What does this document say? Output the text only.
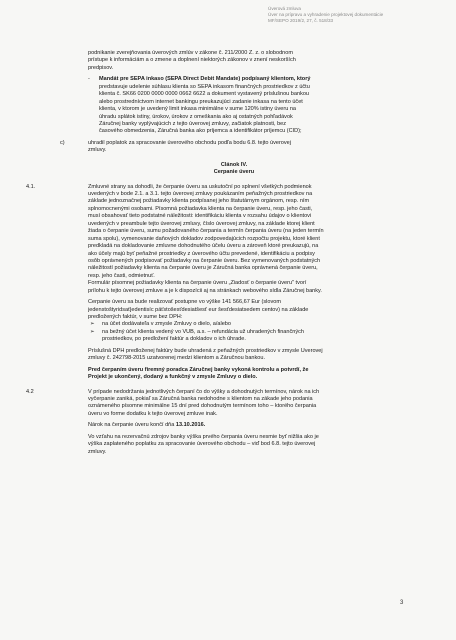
Úverová zmluva
Úver na prípravu a vyhradenie projektovej dokumentácie
MF/SEPO 2019/2, 27, č. 518/33
podnikanie zverejňovania úverových zmlúv v zákone č. 211/2000 Z. z. o slobodnom
prístupe k informáciám a o zmene a doplnení niektorých zákonov v znení neskorších
predpisov.
- Mandát pre SEPA inkaso (SEPA Direct Debit Mandate) podpísaný klientom, ktorý
predstavuje udelenie súhlasu klienta so SEPA inkasom finančných prostriedkov z účtu
klienta č. SK66 0200 0000 0000 0662 6622 a dokument vystavený príslušnou bankou
alebo prostredníctvom internet bankingu preukazujúci zadanie inkasa na tento účet
klienta, v ktorom je uvedený limit inkasa minimálne v sume 120% istiny úveru na
úhradu splátok istiny, úrokov, úrokov z omeškania ako aj ostatných pohľadávok
Záručnej banky vyplývajúcich z tejto úverovej zmluvy, začiatok platnosti, bez
časového obmedzenia, Záručná banka ako príjemca a identifikátor príjemcu (CID);
c)	uhradil poplatok za spracovanie úverového obchodu podľa bodu 6.8. tejto úverovej
zmluvy.
Článok IV.
Čerpanie úveru
4.1.	Zmluvné strany sa dohodli, že čerpanie úveru sa uskutoční po splnení všetkých podmienok
uvedených v bode 2.1. a 3.1. tejto úverovej zmluvy poukázaním peňažných prostriedkov na
základe jednoznačnej požiadavky klienta podpísanej jeho štatutárnym orgánom, resp. ním
splnomocnenými osobami. Písomná požiadavka klienta na čerpanie úveru, resp. jeho časti,
musí obsahovať tieto podstatné náležitosti: identifikáciu klienta v rozsahu údajov o klientovi
uvedených v preambule tejto úverovej zmluvy, číslo úverovej zmluvy, na základe ktorej klient
žiada o čerpanie úveru, sumu požadovaného čerpania a termín čerpania úveru (na jeden termín
suma spolu), vymenovanie daňových dokladov zodpovedajúcich rozpočtu projektu, ktoré klient
predkladá na dokladovanie zmluvne dohodnutého účelu úveru a zároveň ktoré preukazujú, na
ako účely majú byť peňažné prostriedky z úverového účtu prevedené, identifikáciu a podpisy
osôb oprávnených podpisovať požiadavky na čerpanie úveru. Bez vymenovaných podstatných
náležitostí požiadavky klienta na čerpanie úveru je Záručná banka oprávnená čerpanie úveru,
resp. jeho časti, odmietnuť.
Formulár písomnej požiadavky klienta na čerpanie úveru „Žiadosť o čerpanie úveru" tvorí
prílohu k tejto úverovej zmluve a je k dispozícii aj na stránkach webového sídla Záručnej banky.
Čerpanie úveru sa bude realizovať postupne vo výške 141 566,67 Eur (slovom
jedenstoštyridsaťjedentisíc päťstošesťdesiatšesť eur šesťdesiatsedem centov) na základe
predložených faktúr, v sume bez DPH:
➢ na účet dodávateľa v zmysle Zmluvy o dielo, a/alebo
➢ na bežný účet klienta vedený vo VÚB, a.s. – refundácia už uhradených finančných
prostriedkov, po predložení faktúr a dokladov o ich úhrade.
Príslušná DPH predloženej faktúry bude uhradená z peňažných prostriedkov v zmysle Úverovej
zmluvy č. 242798-2015 uzatvorenej medzi klientom a Záručnou bankou.
Pred čerpaním úveru firemný poradca Záručnej banky vykoná kontrolu a potvrdí, že
Projekt je ukončený, dodaný a funkčný v zmysle Zmluvy o dielo.
4.2	V prípade nedodržania jednotlivých čerpaní čo do výšky a dohodnutých termínov, nárok na ich
vyčerpanie zaniká, pokiaľ sa Záručná banka nedohodne s klientom na zákade jeho podania
oznámeného písomne minimálne 15 dní pred dohodnutým termínom toho – ktorého čerpania
úveru vo forme dodatku k tejto úverovej zmluve inak.
Nárok na čerpanie úveru končí dňa 13.10.2016.
Vo vzťahu na rezervačnú zdrojov banky výška prvého čerpania úveru nesmie byť nižšia ako je
výška zaplateného poplatku za spracovanie úverového obchodu – viď bod 6.8. tejto úverovej
zmluvy.
3
